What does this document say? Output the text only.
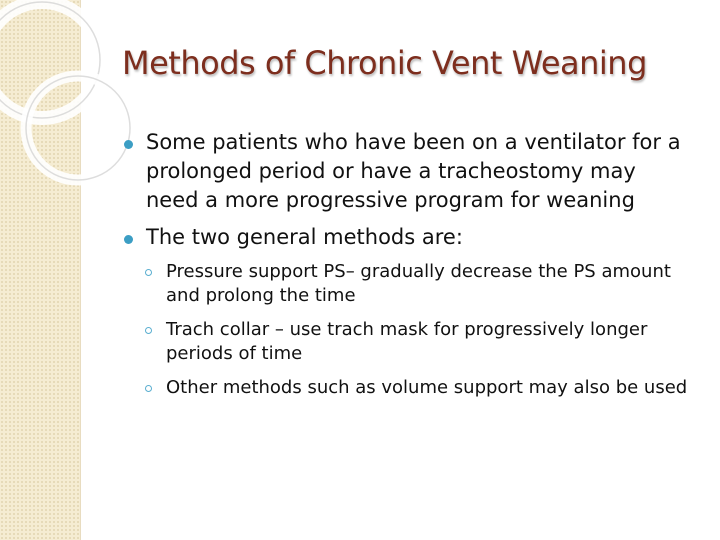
Methods of Chronic Vent Weaning
Some patients who have been on a ventilator for a prolonged period or have a tracheostomy may need a more progressive program for weaning
The two general methods are:
Pressure support PS– gradually decrease the PS amount and prolong the time
Trach collar – use trach mask for progressively longer periods of time
Other methods such as volume support may also be used
